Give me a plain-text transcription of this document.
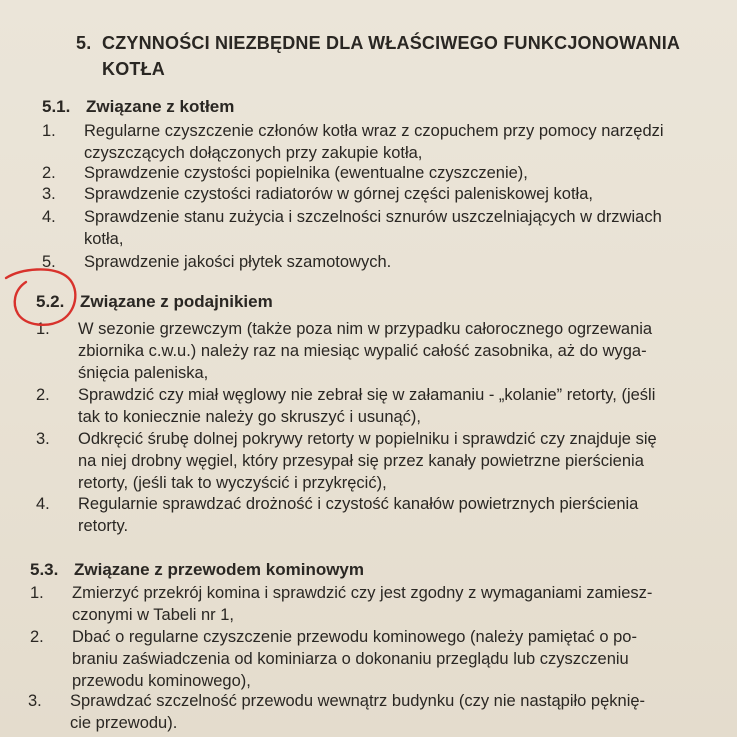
5. CZYNNOŚCI NIEZBĘDNE DLA WŁAŚCIWEGO FUNKCJONOWANIA
KOTŁA
5.1. Związane z kotłem
1.	Regularne czyszczenie członów kotła wraz z czopuchem przy pomocy narzędzi
czyszczących dołączonych przy zakupie kotła,
2.	Sprawdzenie czystości popielnika (ewentualne czyszczenie),
3.	Sprawdzenie czystości radiatorów w górnej części paleniskowej kotła,
4.	Sprawdzenie stanu zużycia i szczelności sznurów uszczelniających w drzwiach
kotła,
5.	Sprawdzenie jakości płytek szamotowych.
5.2. Związane z podajnikiem
1.	W sezonie grzewczym (także poza nim w przypadku całorocznego ogrzewania
zbiornika c.w.u.) należy raz na miesiąc wypalić całość zasobnika, aż do wyga-
śnięcia paleniska,
2.	Sprawdzić czy miał węglowy nie zebrał się w załamaniu - „kolanie” retorty, (jeśli
tak to koniecznie należy go skruszyć i usunąć),
3.	Odkręcić śrubę dolnej pokrywy retorty w popielniku i sprawdzić czy znajduje się
na niej drobny węgiel, który przesypał się przez kanały powietrzne pierścienia
retorty, (jeśli tak to wyczyścić i przykręcić),
4.	Regularnie sprawdzać drożność i czystość kanałów powietrznych pierścienia
retorty.
5.3. Związane z przewodem kominowym
1.	Zmierzyć przekrój komina i sprawdzić czy jest zgodny z wymaganiami zamiesz-
czonymi w Tabeli nr 1,
2.	Dbać o regularne czyszczenie przewodu kominowego (należy pamiętać o po-
braniu zaświadczenia od kominiarza o dokonaniu przeglądu lub czyszczeniu
przewodu kominowego),
3.	Sprawdzać szczelność przewodu wewnątrz budynku (czy nie nastąpiło pęknię-
cie przewodu).
